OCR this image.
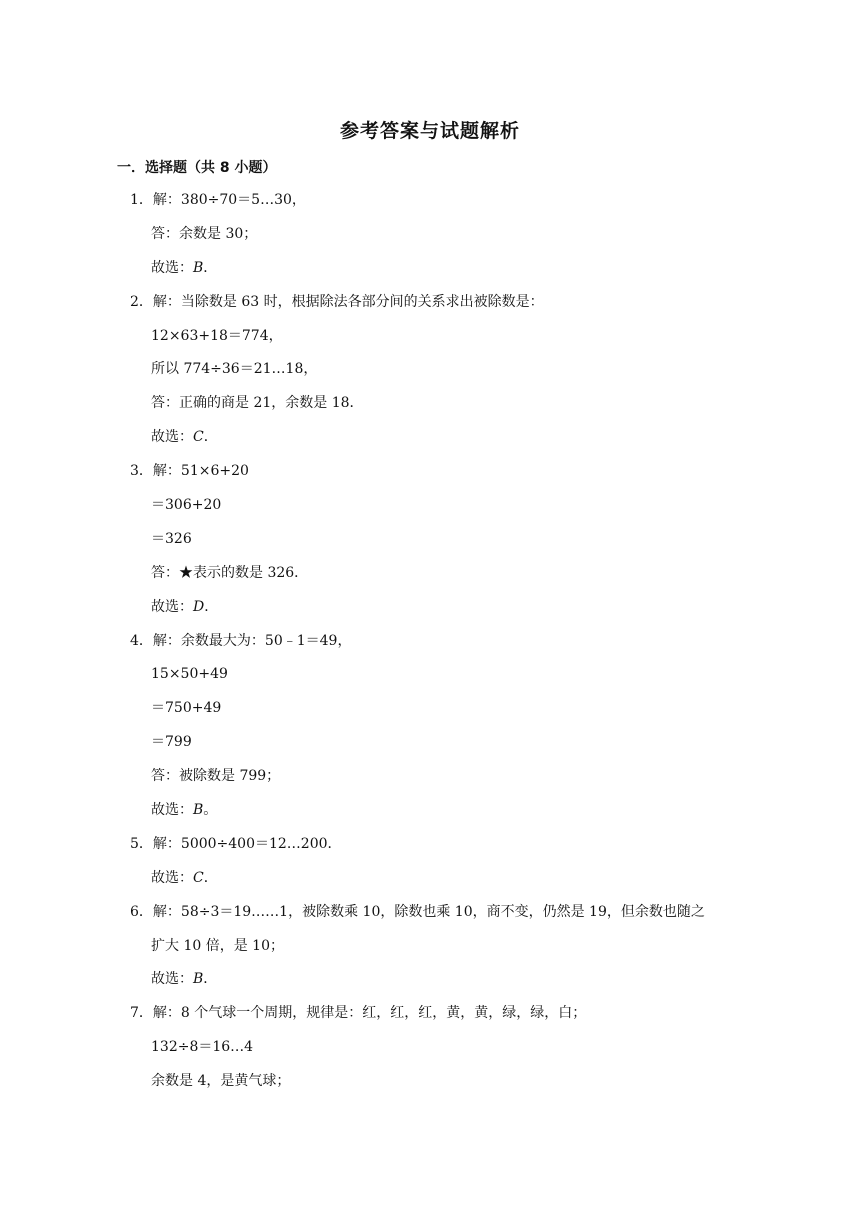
参考答案与试题解析
一．选择题（共 8 小题）
1．解：380÷70＝5…30，
答：余数是 30；
故选：B．
2．解：当除数是 63 时，根据除法各部分间的关系求出被除数是：
12×63+18＝774，
所以 774÷36＝21…18，
答：正确的商是 21，余数是 18．
故选：C．
3．解：51×6+20
＝306+20
＝326
答：★表示的数是 326．
故选：D．
4．解：余数最大为：50﹣1＝49，
15×50+49
＝750+49
＝799
答：被除数是 799；
故选：B。
5．解：5000÷400＝12…200．
故选：C．
6．解：58÷3＝19……1，被除数乘 10，除数也乘 10，商不变，仍然是 19，但余数也随之
扩大 10 倍，是 10；
故选：B．
7．解：8 个气球一个周期，规律是：红，红，红，黄，黄，绿，绿，白；
132÷8＝16…4
余数是 4，是黄气球；
